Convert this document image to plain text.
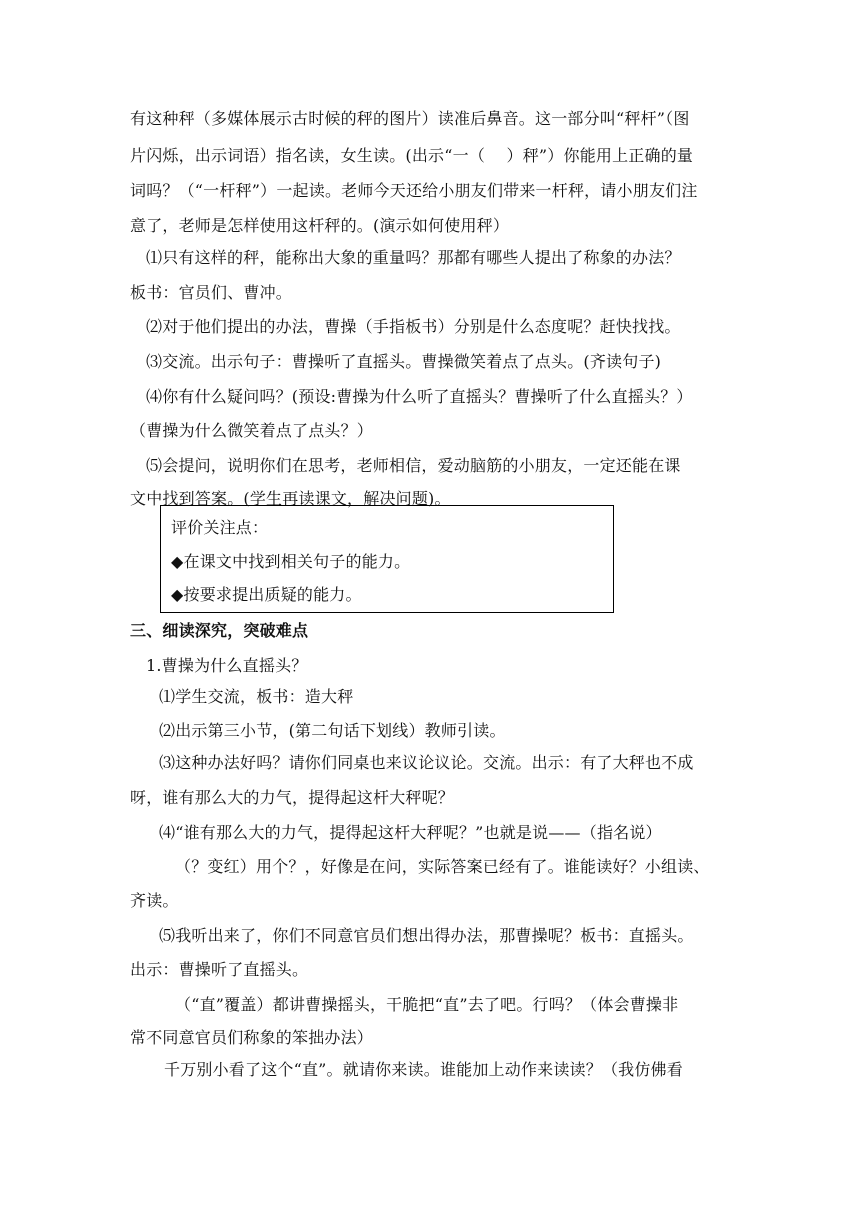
有这种秤（多媒体展示古时候的秤的图片）读准后鼻音。这一部分叫“秤杆”（图
片闪烁，出示词语）指名读，女生读。(出示“一（　 ）秤”）你能用上正确的量
词吗？（“一杆秤”）一起读。老师今天还给小朋友们带来一杆秤，请小朋友们注
意了，老师是怎样使用这杆秤的。(演示如何使用秤）
⑴只有这样的秤，能称出大象的重量吗？那都有哪些人提出了称象的办法？
板书：官员们、曹冲。
⑵对于他们提出的办法，曹操（手指板书）分别是什么态度呢？赶快找找。
⑶交流。出示句子：曹操听了直摇头。曹操微笑着点了点头。(齐读句子)
⑷你有什么疑问吗？(预设:曹操为什么听了直摇头？曹操听了什么直摇头？）
（曹操为什么微笑着点了点头？）
⑸会提问，说明你们在思考，老师相信，爱动脑筋的小朋友，一定还能在课
文中找到答案。(学生再读课文，解决问题)。
评价关注点：
◆在课文中找到相关句子的能力。
◆按要求提出质疑的能力。
三、细读深究，突破难点
1.曹操为什么直摇头？
⑴学生交流，板书：造大秤
⑵出示第三小节，(第二句话下划线）教师引读。
⑶这种办法好吗？请你们同桌也来议论议论。交流。出示：有了大秤也不成
呀，谁有那么大的力气，提得起这杆大秤呢？
⑷“谁有那么大的力气，提得起这杆大秤呢？”也就是说——（指名说）
（？变红）用个？，好像是在问，实际答案已经有了。谁能读好？小组读、
齐读。
⑸我听出来了，你们不同意官员们想出得办法，那曹操呢？板书：直摇头。
出示：曹操听了直摇头。
（“直”覆盖）都讲曹操摇头，干脆把“直”去了吧。行吗？（体会曹操非
常不同意官员们称象的笨拙办法）
千万别小看了这个“直”。就请你来读。谁能加上动作来读读？（我仿佛看
